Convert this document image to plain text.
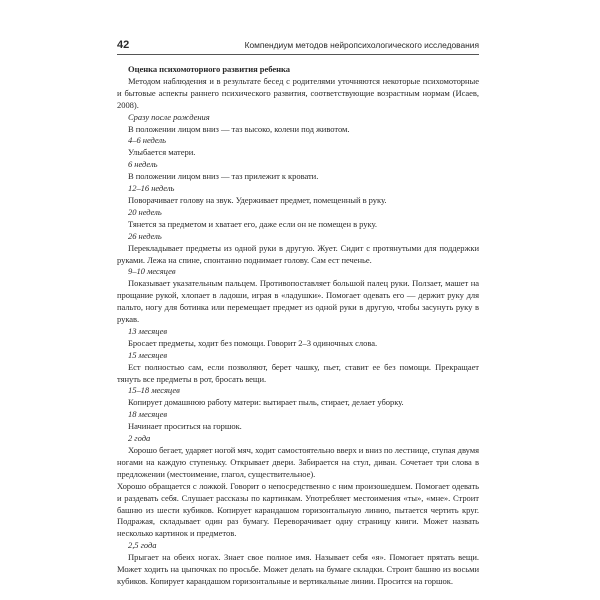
42	Компендиум методов нейропсихологического исследования

Оценка психомоторного развития ребенка

Методом наблюдения и в результате бесед с родителями уточняются некоторые психомоторные и бытовые аспекты раннего психического развития, соответствующие возрастным нормам (Исаев, 2008).

Сразу после рождения

В положении лицом вниз — таз высоко, колени под животом.

4–6 недель

Улыбается матери.

6 недель

В положении лицом вниз — таз прилежит к кровати.

12–16 недель

Поворачивает голову на звук. Удерживает предмет, помещенный в руку.

20 недель

Тянется за предметом и хватает его, даже если он не помещен в руку.

26 недель

Перекладывает предметы из одной руки в другую. Жует. Сидит с протянутыми для поддержки руками. Лежа на спине, спонтанно поднимает голову. Сам ест печенье.

9–10 месяцев

Показывает указательным пальцем. Противопоставляет большой палец руки. Ползает, машет на прощание рукой, хлопает в ладоши, играя в «ладушки». Помогает одевать его — держит руку для пальто, ногу для ботинка или перемещает предмет из одной руки в другую, чтобы засунуть руку в рукав.

13 месяцев

Бросает предметы, ходит без помощи. Говорит 2–3 одиночных слова.

15 месяцев

Ест полностью сам, если позволяют, берет чашку, пьет, ставит ее без помощи. Прекращает тянуть все предметы в рот, бросать вещи.

15–18 месяцев

Копирует домашнюю работу матери: вытирает пыль, стирает, делает уборку.

18 месяцев

Начинает проситься на горшок.

2 года

Хорошо бегает, ударяет ногой мяч, ходит самостоятельно вверх и вниз по лестнице, ступая двумя ногами на каждую ступеньку. Открывает двери. Забирается на стул, диван. Сочетает три слова в предложении (местоимение, глагол, существительное).

Хорошо обращается с ложкой. Говорит о непосредственно с ним произошедшем. Помогает одевать и раздевать себя. Слушает рассказы по картинкам. Употребляет местоимения «ты», «мне». Строит башню из шести кубиков. Копирует карандашом горизонтальную линию, пытается чертить круг. Подражая, складывает один раз бумагу. Переворачивает одну страницу книги. Может назвать несколько картинок и предметов.

2,5 года

Прыгает на обеих ногах. Знает свое полное имя. Называет себя «я». Помогает прятать вещи. Может ходить на цыпочках по просьбе. Может делать на бумаге складки. Строит башню из восьми кубиков. Копирует карандашом горизонтальные и вертикальные линии. Просится на горшок.
